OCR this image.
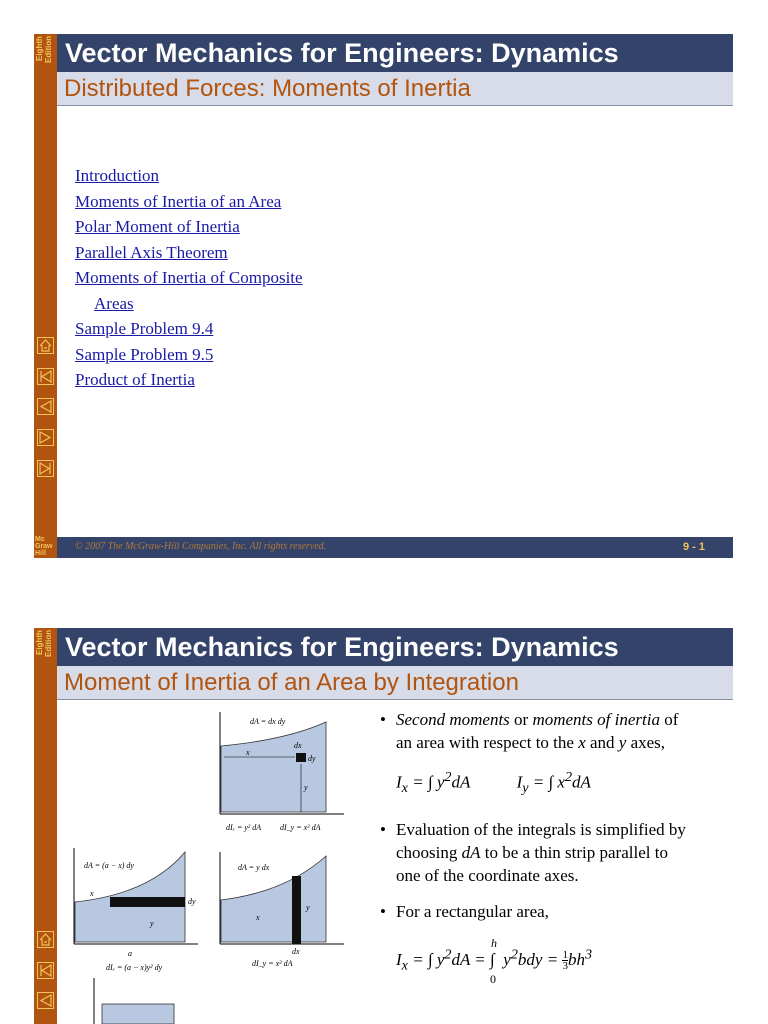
Eighth Edition
Mc Graw Hill
Vector Mechanics for Engineers: Dynamics
Distributed Forces: Moments of Inertia
Introduction
Moments of Inertia of an Area
Polar Moment of Inertia
Parallel Axis Theorem
Moments of Inertia of Composite
Areas
Sample Problem 9.4
Sample Problem 9.5
Product of Inertia
© 2007 The McGraw-Hill Companies, Inc. All rights reserved.	9 - 1
Eighth Edition Vector Mechanics for Engineers: Dynamics
Moment of Inertia of an Area by Integration
dA = dx dy
dx
dy
x
y
dIₓ = y² dA dI_y = x² dA
dA = (a − x) dy
dy
x
y
a
dIₓ = (a − x)y² dy
dA = y dx
dx
x
y
dI_y = x² dA
• Second moments or moments of inertia of
an area with respect to the x and y axes,
$I_x$ = ∫ $y^2dA$	$I_y$ = ∫ $x^2dA$
• Evaluation of the integrals is simplified by
choosing dA to be a thin strip parallel to
one of the coordinate axes.
• For a rectangular area,
$I_x$ = ∫ $y^2dA$ = ∫
h
0
$y^2bdy = \frac{1}{3} bh^3$
